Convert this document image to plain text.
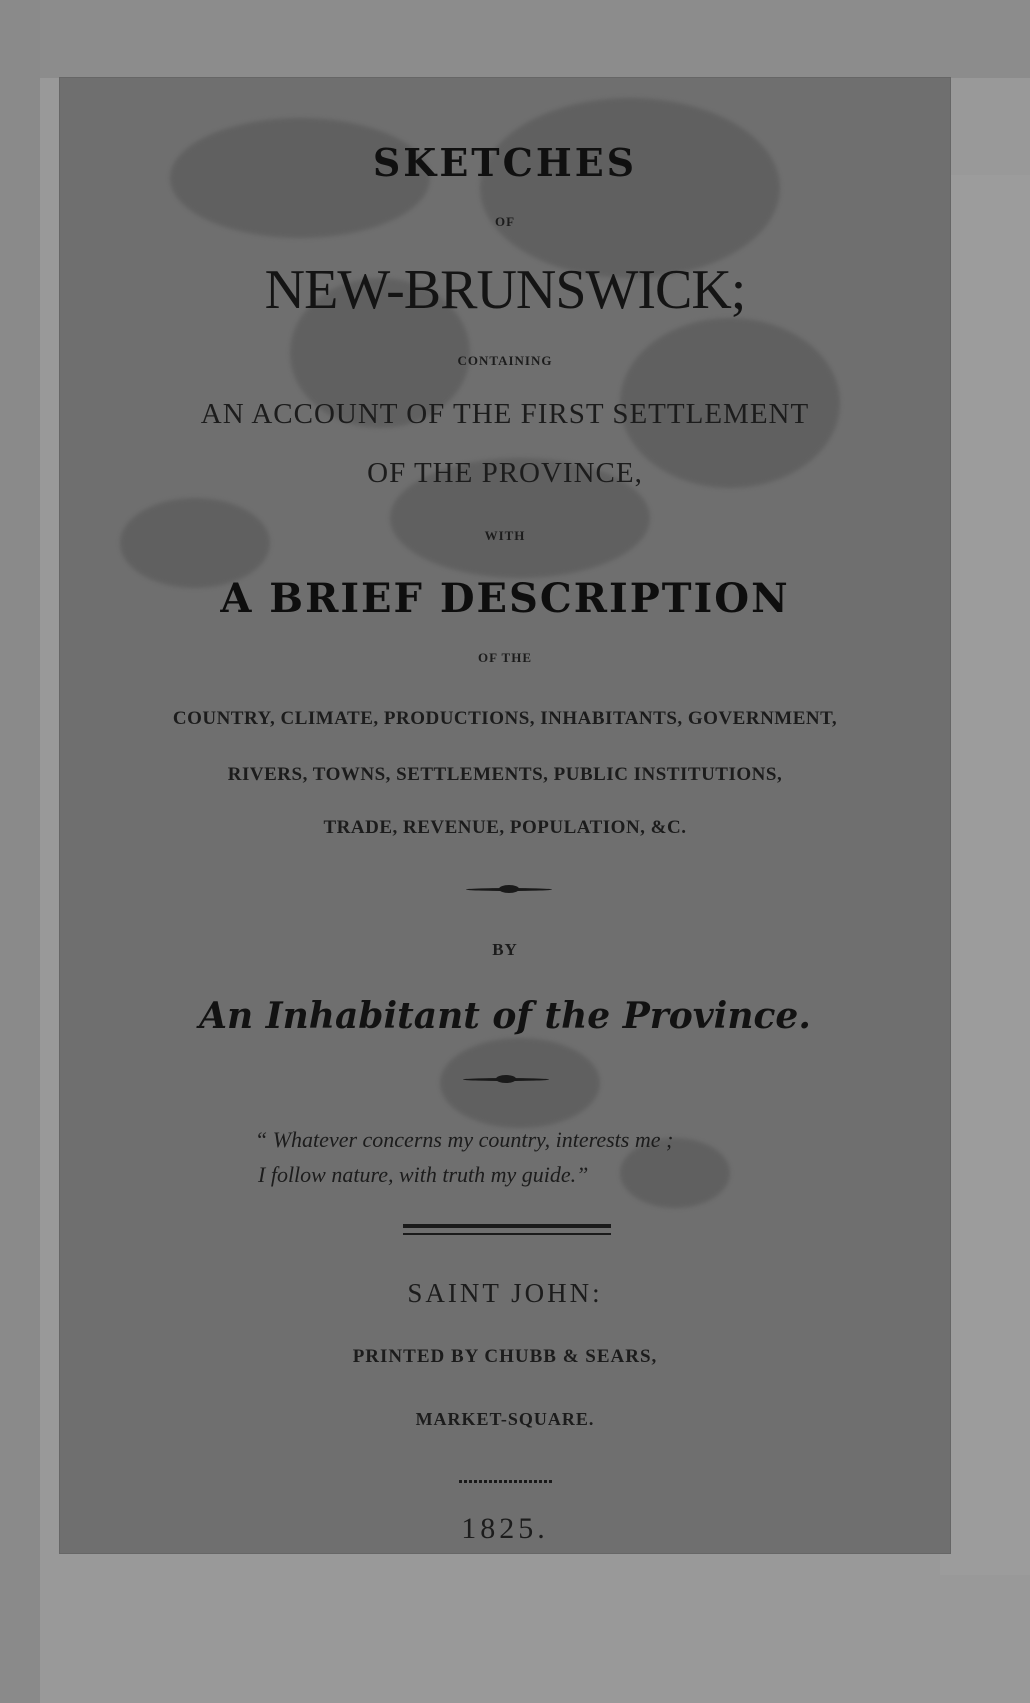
SKETCHES
OF
NEW-BRUNSWICK;
CONTAINING
AN ACCOUNT OF THE FIRST SETTLEMENT
OF THE PROVINCE,
WITH
A BRIEF DESCRIPTION
OF THE
COUNTRY, CLIMATE, PRODUCTIONS, INHABITANTS, GOVERNMENT,
RIVERS, TOWNS, SETTLEMENTS, PUBLIC INSTITUTIONS,
TRADE, REVENUE, POPULATION, &C.
BY
An Inhabitant of the Province.
“ Whatever concerns my country, interests me ;
I follow nature, with truth my guide.”
SAINT JOHN:
PRINTED BY CHUBB & SEARS,
MARKET-SQUARE.
1825.
